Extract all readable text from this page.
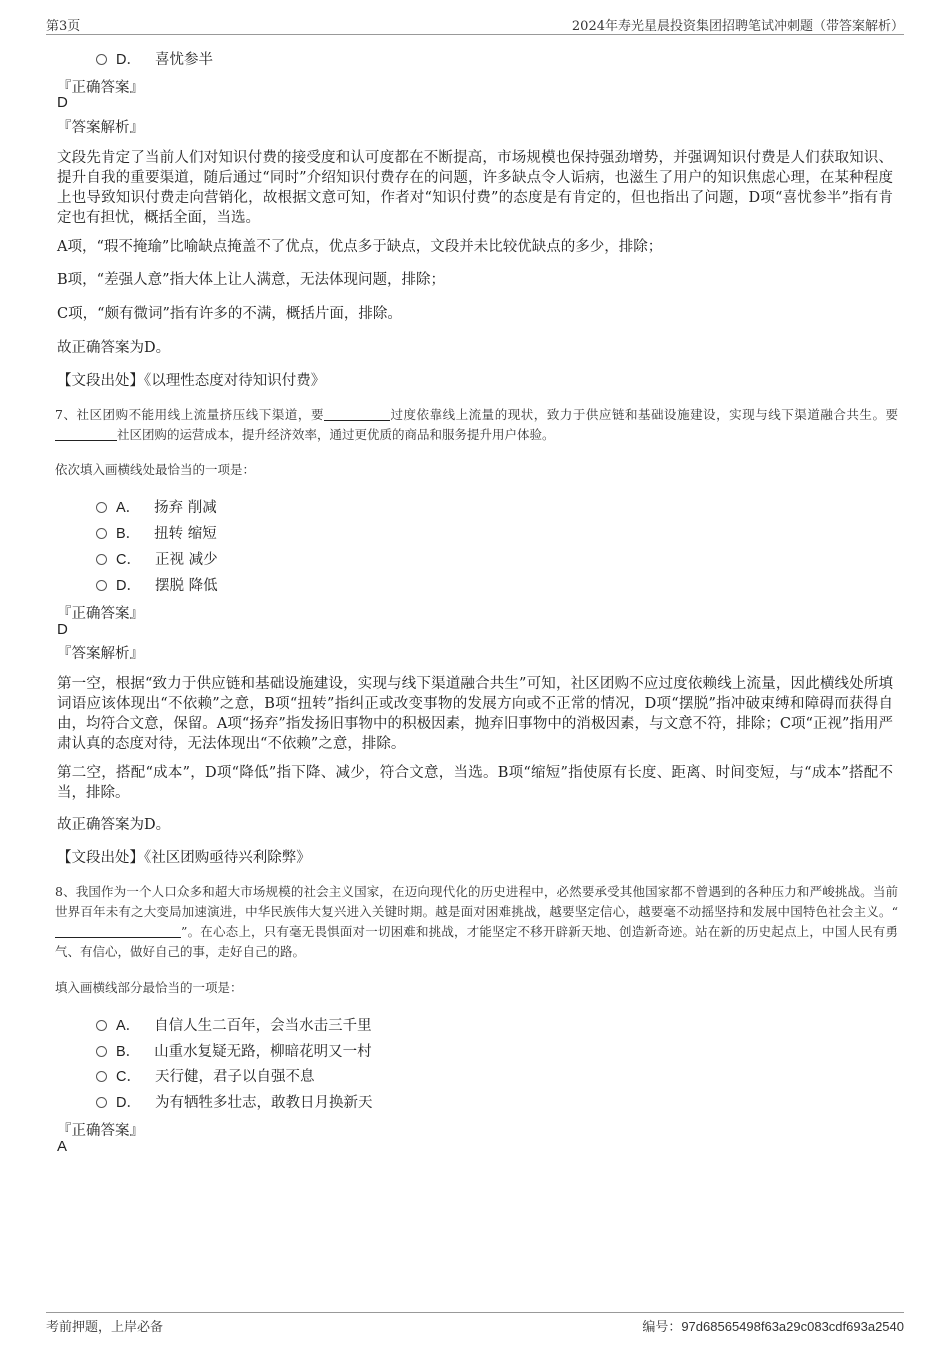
第3页	2024年寿光星晨投资集团招聘笔试冲刺题（带答案解析）
D． 喜忧参半
『正确答案』
D
『答案解析』
文段先肯定了当前人们对知识付费的接受度和认可度都在不断提高，市场规模也保持强劲增势，并强调知识付费是人们获取知识、提升自我的重要渠道，随后通过“同时”介绍知识付费存在的问题，许多缺点令人诟病，也滋生了用户的知识焦虑心理，在某种程度上也导致知识付费走向营销化，故根据文意可知，作者对“知识付费”的态度是有肯定的，但也指出了问题，D项“喜忧参半”指有肯定也有担忧，概括全面，当选。
A项，“瑕不掩瑜”比喻缺点掩盖不了优点，优点多于缺点，文段并未比较优缺点的多少，排除；
B项，“差强人意”指大体上让人满意，无法体现问题，排除；
C项，“颇有微词”指有许多的不满，概括片面，排除。
故正确答案为D。
【文段出处】《以理性态度对待知识付费》
7、社区团购不能用线上流量挤压线下渠道，要	过度依靠线上流量的现状，致力于供应链和基础设施建设，实现与线下渠道融合共生。要社区团购的运营成本，提升经济效率，通过更优质的商品和服务提升用户体验。
依次填入画横线处最恰当的一项是：
A． 扬弃 削减
B． 扭转 缩短
C． 正视 减少
D． 摆脱 降低
『正确答案』
D
『答案解析』
第一空，根据“致力于供应链和基础设施建设，实现与线下渠道融合共生”可知，社区团购不应过度依赖线上流量，因此横线处所填词语应该体现出“不依赖”之意，B项“扭转”指纠正或改变事物的发展方向或不正常的情况，D项“摆脱”指冲破束缚和障碍而获得自由，均符合文意，保留。A项“扬弃”指发扬旧事物中的积极因素，抛弃旧事物中的消极因素，与文意不符，排除；C项“正视”指用严肃认真的态度对待，无法体现出“不依赖”之意，排除。
第二空，搭配“成本”，D项“降低”指下降、减少，符合文意，当选。B项“缩短”指使原有长度、距离、时间变短，与“成本”搭配不当，排除。
故正确答案为D。
【文段出处】《社区团购亟待兴利除弊》
8、我国作为一个人口众多和超大市场规模的社会主义国家，在迈向现代化的历史进程中，必然要承受其他国家都不曾遇到的各种压力和严峻挑战。当前世界百年未有之大变局加速演进，中华民族伟大复兴进入关键时期。越是面对困难挑战，越要坚定信心，越要毫不动摇坚持和发展中国特色社会主义。“”。在心态上，只有毫无畏惧面对一切困难和挑战，才能坚定不移开辟新天地、创造新奇迹。站在新的历史起点上，中国人民有勇气、有信心，做好自己的事，走好自己的路。
填入画横线部分最恰当的一项是：
A． 自信人生二百年，会当水击三千里
B． 山重水复疑无路，柳暗花明又一村
C． 天行健，君子以自强不息
D． 为有牺牲多壮志，敢教日月换新天
『正确答案』
A
考前押题，上岸必备	编号：97d68565498f63a29c083cdf693a2540
